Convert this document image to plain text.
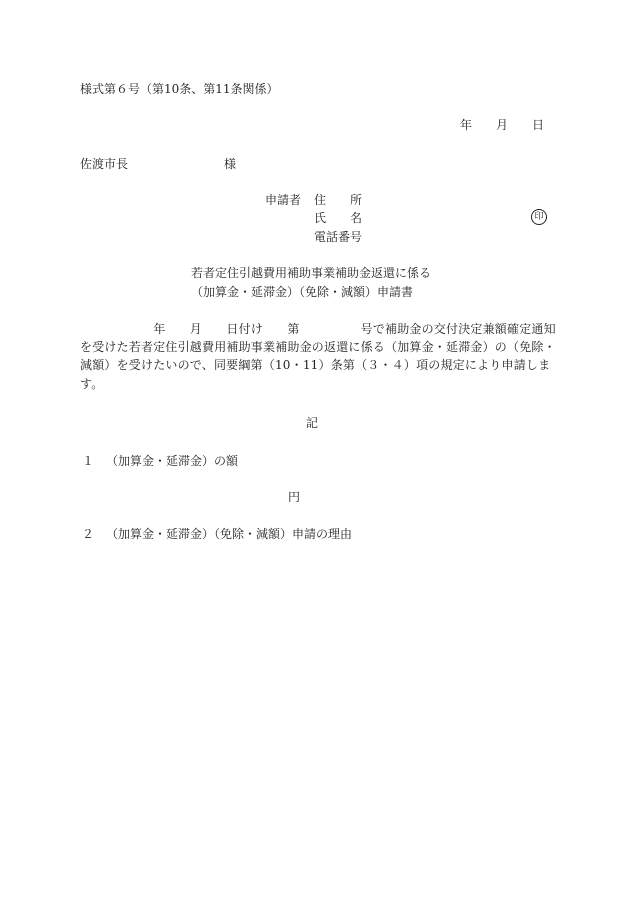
様式第６号（第10条、第11条関係）
年　　月　　日
佐渡市長　　　　　　　　様
申請者 住　　所
氏　　名	印
電話番号
若者定住引越費用補助事業補助金返還に係る
（加算金・延滞金）（免除・減額）申請書
　　　　　　年　　月　　日付け　　第　　　　　号で補助金の交付決定兼額確定通知
を受けた若者定住引越費用補助事業補助金の返還に係る（加算金・延滞金）の（免除・
減額）を受けたいので、同要綱第（10・11）条第（３・４）項の規定により申請しま
す。
記
１ （加算金・延滞金）の額
円
２ （加算金・延滞金）（免除・減額）申請の理由
